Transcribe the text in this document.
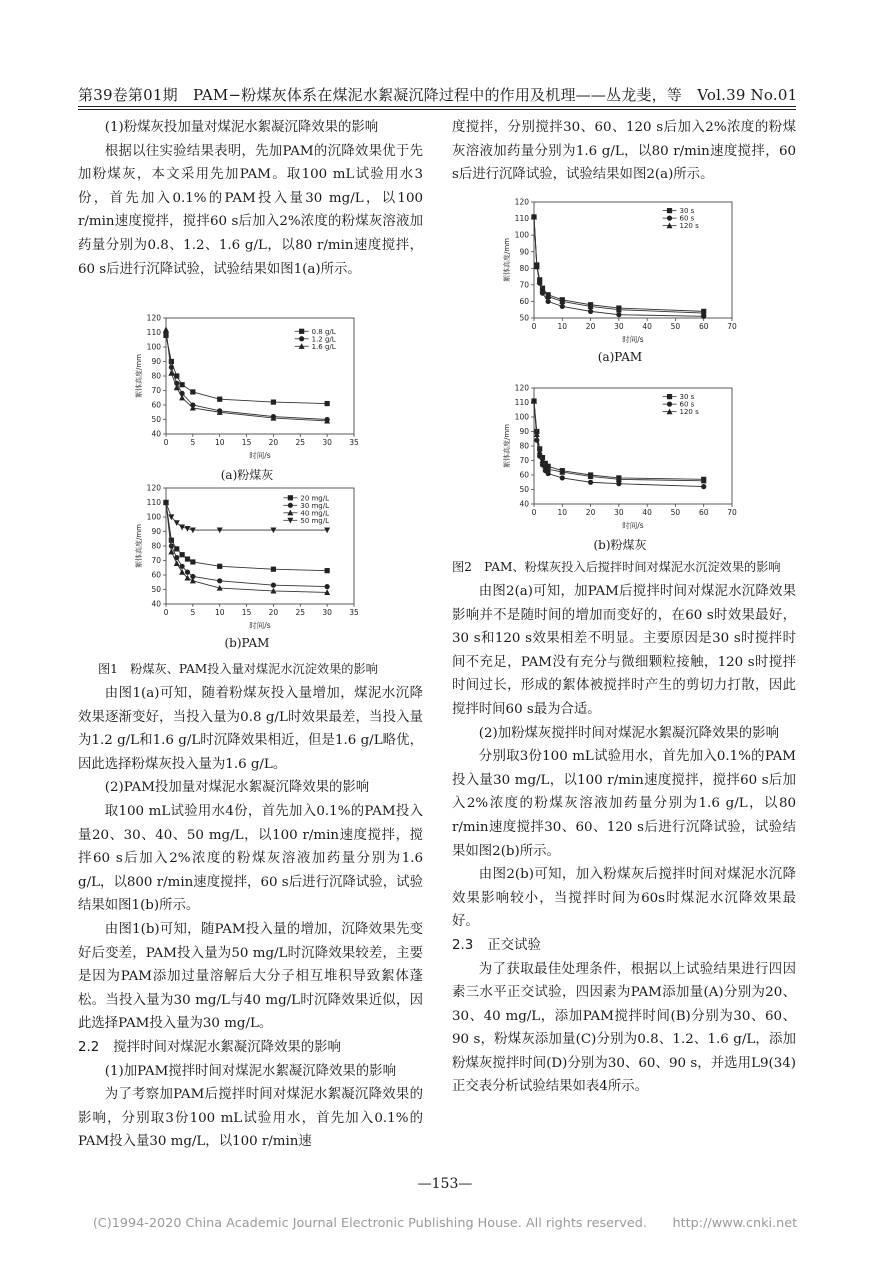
第39卷第01期　PAM−粉煤灰体系在煤泥水絮凝沉降过程中的作用及机理——丛龙斐，等　Vol.39 No.01

(1)粉煤灰投加量对煤泥水絮凝沉降效果的影响

根据以往实验结果表明，先加PAM的沉降效果优于先加粉煤灰，本文采用先加PAM。取100 mL试验用水3份，首先加入0.1%的PAM投入量30 mg/L，以100 r/min速度搅拌，搅拌60 s后加入2%浓度的粉煤灰溶液加药量分别为0.8、1.2、1.6 g/L，以80 r/min速度搅拌，60 s后进行沉降试验，试验结果如图1(a)所示。

0	5	10 15 20 25 30 35
40
50
60
70
80
90
100
110
120
时间/s
絮体高度/mm
0.8 g/L
1.2 g/L
1.6 g/L
(a)粉煤灰
0	5	10 15 20 25 30 35
40
50
60
70
80
90
100
110
120
时间/s
絮体高度/mm
20 mg/L
30 mg/L
40 mg/L
50 mg/L
(b)PAM
图1　粉煤灰、PAM投入量对煤泥水沉淀效果的影响

由图1(a)可知，随着粉煤灰投入量增加，煤泥水沉降效果逐渐变好，当投入量为0.8 g/L时效果最差，当投入量为1.2 g/L和1.6 g/L时沉降效果相近，但是1.6 g/L略优，因此选择粉煤灰投入量为1.6 g/L。

(2)PAM投加量对煤泥水絮凝沉降效果的影响

取100 mL试验用水4份，首先加入0.1%的PAM投入量20、30、40、50 mg/L，以100 r/min速度搅拌，搅拌60 s后加入2%浓度的粉煤灰溶液加药量分别为1.6 g/L，以800 r/min速度搅拌，60 s后进行沉降试验，试验结果如图1(b)所示。

由图1(b)可知，随PAM投入量的增加，沉降效果先变好后变差，PAM投入量为50 mg/L时沉降效果较差，主要是因为PAM添加过量溶解后大分子相互堆积导致絮体蓬松。当投入量为30 mg/L与40 mg/L时沉降效果近似，因此选择PAM投入量为30 mg/L。

2.2 搅拌时间对煤泥水絮凝沉降效果的影响

(1)加PAM搅拌时间对煤泥水絮凝沉降效果的影响

为了考察加PAM后搅拌时间对煤泥水絮凝沉降效果的影响，分别取3份100 mL试验用水，首先加入0.1%的PAM投入量30 mg/L，以100 r/min速

度搅拌，分别搅拌30、60、120 s后加入2%浓度的粉煤灰溶液加药量分别为1.6 g/L，以80 r/min速度搅拌，60 s后进行沉降试验，试验结果如图2(a)所示。

0	10 20 30 40 50 60 70
50
60
70
80
90
100
110
120
时间/s
絮体高度/mm
30 s
60 s
120 s
(a)PAM
0	10 20 30 40 50 60 70
40
50
60
70
80
90
100
110
120
时间/s
絮体高度/mm
30 s
60 s
120 s
(b)粉煤灰
图2　PAM、粉煤灰投入后搅拌时间对煤泥水沉淀效果的影响

由图2(a)可知，加PAM后搅拌时间对煤泥水沉降效果影响并不是随时间的增加而变好的，在60 s时效果最好，30 s和120 s效果相差不明显。主要原因是30 s时搅拌时间不充足，PAM没有充分与微细颗粒接触，120 s时搅拌时间过长，形成的絮体被搅拌时产生的剪切力打散，因此搅拌时间60 s最为合适。

(2)加粉煤灰搅拌时间对煤泥水絮凝沉降效果的影响

分别取3份100 mL试验用水，首先加入0.1%的PAM投入量30 mg/L，以100 r/min速度搅拌，搅拌60 s后加入2%浓度的粉煤灰溶液加药量分别为1.6 g/L，以80 r/min速度搅拌30、60、120 s后进行沉降试验，试验结果如图2(b)所示。

由图2(b)可知，加入粉煤灰后搅拌时间对煤泥水沉降效果影响较小，当搅拌时间为60s时煤泥水沉降效果最好。

2.3 正交试验

为了获取最佳处理条件，根据以上试验结果进行四因素三水平正交试验，四因素为PAM添加量(A)分别为20、30、40 mg/L，添加PAM搅拌时间(B)分别为30、60、90 s，粉煤灰添加量(C)分别为0.8、1.2、1.6 g/L，添加粉煤灰搅拌时间(D)分别为30、60、90 s，并选用L9(34)正交表分析试验结果如表4所示。

—153—
(C)1994-2020 China Academic Journal Electronic Publishing House. All rights reserved.　　http://www.cnki.net
